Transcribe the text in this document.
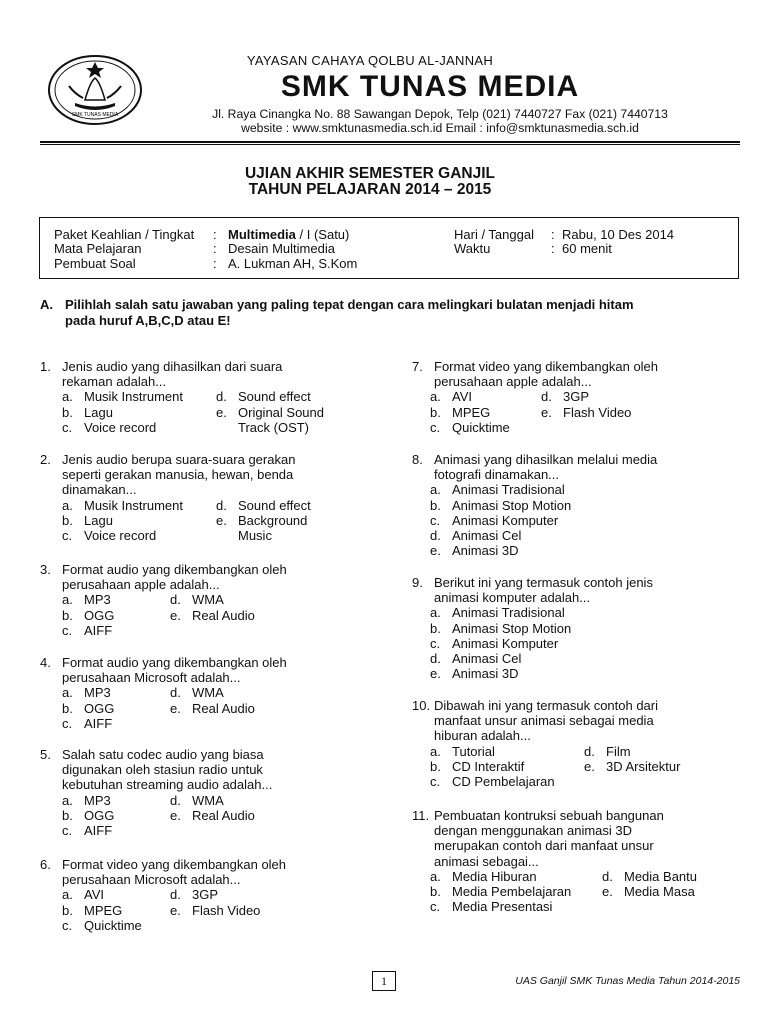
SMK TUNAS MEDIA
YAYASAN CAHAYA QOLBU AL-JANNAH
SMK TUNAS MEDIA
Jl. Raya Cinangka No. 88 Sawangan Depok, Telp (021) 7440727 Fax (021) 7440713
website : www.smktunasmedia.sch.id Email : info@smktunasmedia.sch.id
UJIAN AKHIR SEMESTER GANJIL
TAHUN PELAJARAN 2014 – 2015
Paket Keahlian / Tingkat : Multimedia / I (Satu)
Mata Pelajaran	: Desain Multimedia
Pembuat Soal	: A. Lukman AH, S.Kom
Hari / Tanggal : Rabu, 10 Des 2014
Waktu	: 60 menit
A. Pilihlah salah satu jawaban yang paling tepat dengan cara melingkari bulatan menjadi hitam
pada huruf A,B,C,D atau E!
1. Jenis audio yang dihasilkan dari suara
rekaman adalah...
a. Musik Instrument	d. Sound effect
b. Lagu	e. Original Sound
c. Voice record	Track (OST)
2. Jenis audio berupa suara-suara gerakan
seperti gerakan manusia, hewan, benda
dinamakan...
a. Musik Instrument	d. Sound effect
b. Lagu	e. Background
c. Voice record	Music
3. Format audio yang dikembangkan oleh
perusahaan apple adalah...
a. MP3	d. WMA
b. OGG	e. Real Audio
c. AIFF
4. Format audio yang dikembangkan oleh
perusahaan Microsoft adalah...
a. MP3	d. WMA
b. OGG	e. Real Audio
c. AIFF
5. Salah satu codec audio yang biasa
digunakan oleh stasiun radio untuk
kebutuhan streaming audio adalah...
a. MP3	d. WMA
b. OGG	e. Real Audio
c. AIFF
6. Format video yang dikembangkan oleh
perusahaan Microsoft adalah...
a. AVI	d. 3GP
b. MPEG	e. Flash Video
c. Quicktime
7. Format video yang dikembangkan oleh
perusahaan apple adalah...
a. AVI	d. 3GP
b. MPEG	e. Flash Video
c. Quicktime
8. Animasi yang dihasilkan melalui media
fotografi dinamakan...
a. Animasi Tradisional
b. Animasi Stop Motion
c. Animasi Komputer
d. Animasi Cel
e. Animasi 3D
9. Berikut ini yang termasuk contoh jenis
animasi komputer adalah...
a. Animasi Tradisional
b. Animasi Stop Motion
c. Animasi Komputer
d. Animasi Cel
e. Animasi 3D
10. Dibawah ini yang termasuk contoh dari
manfaat unsur animasi sebagai media
hiburan adalah...
a. Tutorial	d. Film
b. CD Interaktif	e. 3D Arsitektur
c. CD Pembelajaran
11. Pembuatan kontruksi sebuah bangunan
dengan menggunakan animasi 3D
merupakan contoh dari manfaat unsur
animasi sebagai...
a. Media Hiburan	d. Media Bantu
b. Media Pembelajaran e. Media Masa
c. Media Presentasi
1	UAS Ganjil SMK Tunas Media Tahun 2014-2015
